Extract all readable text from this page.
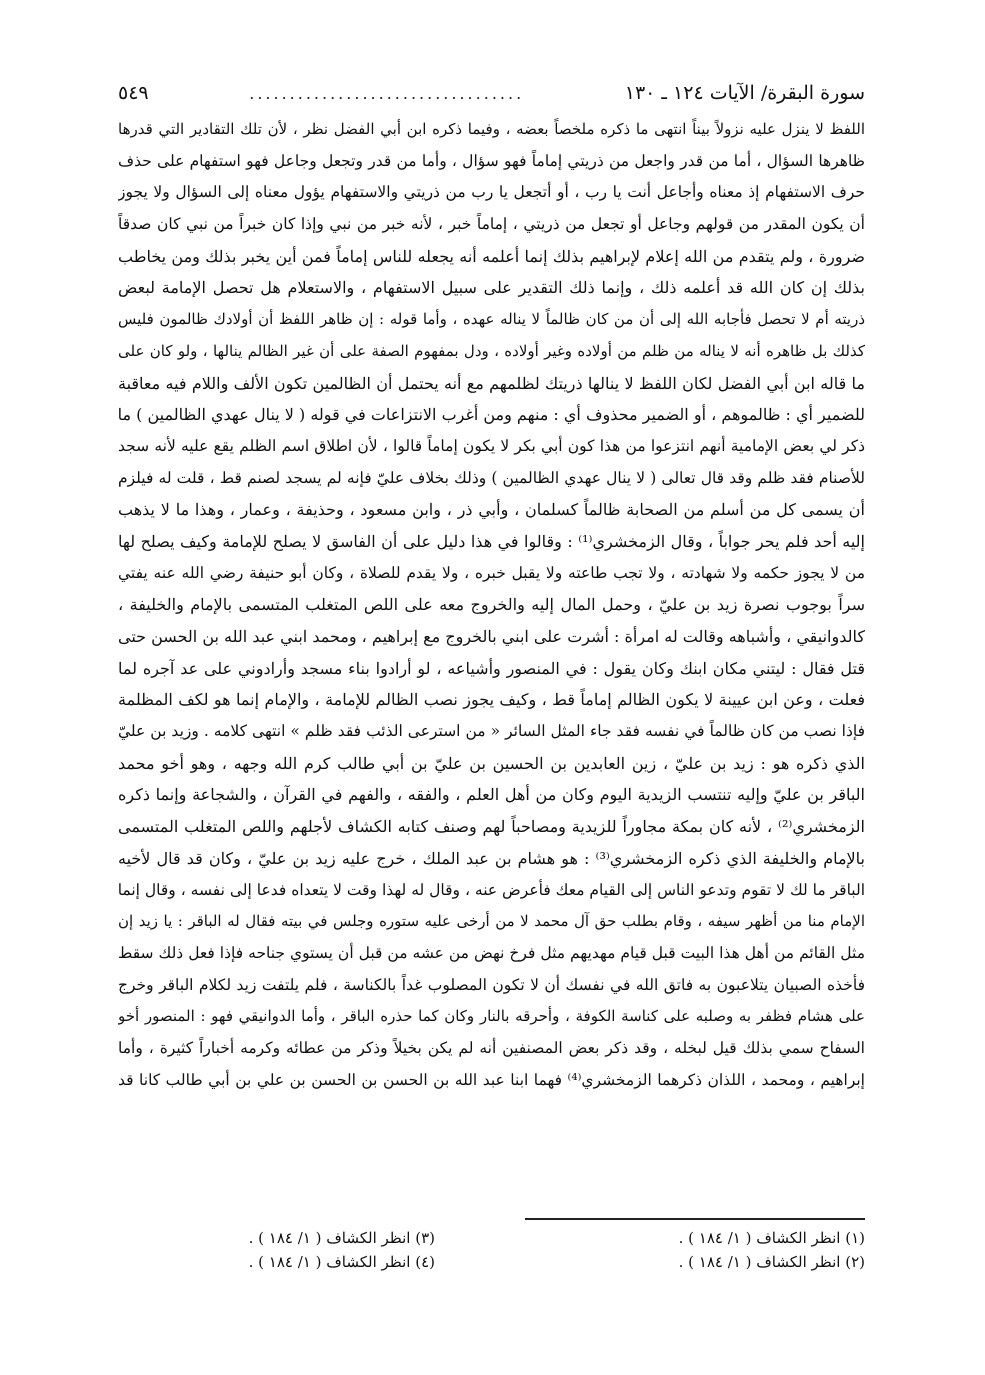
سورة البقرة/ الآيات ١٢٤ ـ ١٣٠
..................................
٥٤٩
اللفظ لا ينزل عليه نزولاً بيناً انتهى ما ذكره ملخصاً بعضه ، وفيما ذكره ابن أبي الفضل نظر ، لأن تلك التقادير التي قدرها
ظاهرها السؤال ، أما من قدر واجعل من ذريتي إماماً فهو سؤال ، وأما من قدر وتجعل وجاعل فهو استفهام على حذف
حرف الاستفهام إذ معناه وأجاعل أنت يا رب ، أو أتجعل يا رب من ذريتي والاستفهام يؤول معناه إلى السؤال ولا يجوز
أن يكون المقدر من قولهم وجاعل أو تجعل من ذريتي ، إماماً خبر ، لأنه خبر من نبي وإذا كان خبراً من نبي كان صدقاً
ضرورة ، ولم يتقدم من الله إعلام لإبراهيم بذلك إنما أعلمه أنه يجعله للناس إماماً فمن أين يخبر بذلك ومن يخاطب
بذلك إن كان الله قد أعلمه ذلك ، وإنما ذلك التقدير على سبيل الاستفهام ، والاستعلام هل تحصل الإمامة لبعض
ذريته أم لا تحصل فأجابه الله إلى أن من كان ظالماً لا يناله عهده ، وأما قوله : إن ظاهر اللفظ أن أولادك ظالمون فليس
كذلك بل ظاهره أنه لا يناله من ظلم من أولاده وغير أولاده ، ودل بمفهوم الصفة على أن غير الظالم ينالها ، ولو كان على
ما قاله ابن أبي الفضل لكان اللفظ لا ينالها ذريتك لظلمهم مع أنه يحتمل أن الظالمين تكون الألف واللام فيه معاقبة
للضمير أي : ظالموهم ، أو الضمير محذوف أي : منهم ومن أغرب الانتزاعات في قوله ( لا ينال عهدي الظالمين ) ما
ذكر لي بعض الإمامية أنهم انتزعوا من هذا كون أبي بكر لا يكون إماماً قالوا ، لأن اطلاق اسم الظلم يقع عليه لأنه سجد
للأصنام فقد ظلم وقد قال تعالى ( لا ينال عهدي الظالمين ) وذلك بخلاف عليّ فإنه لم يسجد لصنم قط ، قلت له فيلزم
أن يسمى كل من أسلم من الصحابة ظالماً كسلمان ، وأبي ذر ، وابن مسعود ، وحذيفة ، وعمار ، وهذا ما لا يذهب
إليه أحد فلم يحر جواباً ، وقال الزمخشري⁽¹⁾ : وقالوا في هذا دليل على أن الفاسق لا يصلح للإمامة وكيف يصلح لها
من لا يجوز حكمه ولا شهادته ، ولا تجب طاعته ولا يقبل خبره ، ولا يقدم للصلاة ، وكان أبو حنيفة رضي الله عنه يفتي
سراً بوجوب نصرة زيد بن عليّ ، وحمل المال إليه والخروج معه على اللص المتغلب المتسمى بالإمام والخليفة ،
كالدوانيقي ، وأشباهه وقالت له امرأة : أشرت على ابني بالخروج مع إبراهيم ، ومحمد ابني عبد الله بن الحسن حتى
قتل فقال : ليتني مكان ابنك وكان يقول : في المنصور وأشياعه ، لو أرادوا بناء مسجد وأرادوني على عد آجره لما
فعلت ، وعن ابن عيينة لا يكون الظالم إماماً قط ، وكيف يجوز نصب الظالم للإمامة ، والإمام إنما هو لكف المظلمة
فإذا نصب من كان ظالماً في نفسه فقد جاء المثل السائر « من استرعى الذئب فقد ظلم » انتهى كلامه . وزيد بن عليّ
الذي ذكره هو : زيد بن عليّ ، زين العابدين بن الحسين بن عليّ بن أبي طالب كرم الله وجهه ، وهو أخو محمد
الباقر بن عليّ وإليه تنتسب الزيدية اليوم وكان من أهل العلم ، والفقه ، والفهم في القرآن ، والشجاعة وإنما ذكره
الزمخشري⁽²⁾ ، لأنه كان بمكة مجاوراً للزيدية ومصاحباً لهم وصنف كتابه الكشاف لأجلهم واللص المتغلب المتسمى
بالإمام والخليفة الذي ذكره الزمخشري⁽³⁾ : هو هشام بن عبد الملك ، خرج عليه زيد بن عليّ ، وكان قد قال لأخيه
الباقر ما لك لا تقوم وتدعو الناس إلى القيام معك فأعرض عنه ، وقال له لهذا وقت لا يتعداه فدعا إلى نفسه ، وقال إنما
الإمام منا من أظهر سيفه ، وقام بطلب حق آل محمد لا من أرخى عليه ستوره وجلس في بيته فقال له الباقر : يا زيد إن
مثل القائم من أهل هذا البيت قبل قيام مهديهم مثل فرخ نهض من عشه من قبل أن يستوي جناحه فإذا فعل ذلك سقط
فأخذه الصبيان يتلاعبون به فاتق الله في نفسك أن لا تكون المصلوب غداً بالكناسة ، فلم يلتفت زيد لكلام الباقر وخرج
على هشام فظفر به وصلبه على كناسة الكوفة ، وأحرقه بالنار وكان كما حذره الباقر ، وأما الدوانيقي فهو : المنصور أخو
السفاح سمي بذلك قيل لبخله ، وقد ذكر بعض المصنفين أنه لم يكن بخيلاً وذكر من عطائه وكرمه أخباراً كثيرة ، وأما
إبراهيم ، ومحمد ، اللذان ذكرهما الزمخشري⁽⁴⁾ فهما ابنا عبد الله بن الحسن بن الحسن بن علي بن أبي طالب كانا قد
(١) انظر الكشاف ( ١/ ١٨٤ ) .
(٢) انظر الكشاف ( ١/ ١٨٤ ) .
(٣) انظر الكشاف ( ١/ ١٨٤ ) .
(٤) انظر الكشاف ( ١/ ١٨٤ ) .
